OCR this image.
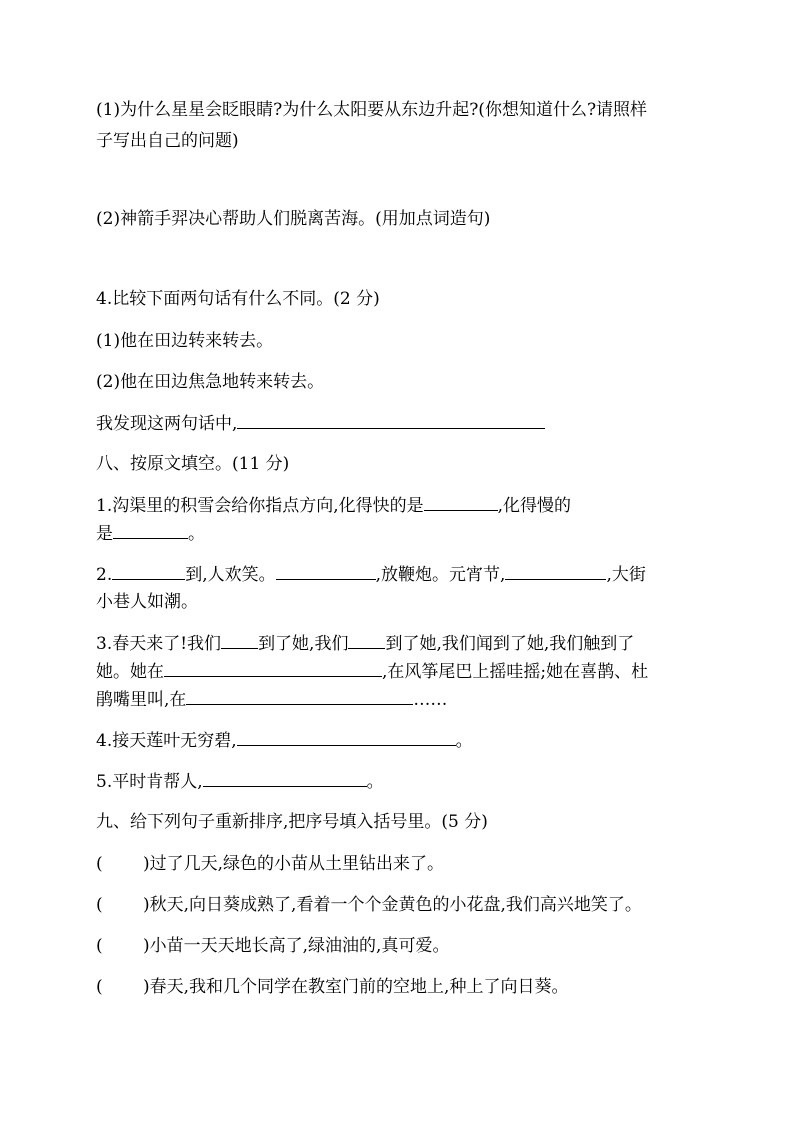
(1)为什么星星会眨眼睛?为什么太阳要从东边升起?(你想知道什么?请照样
子写出自己的问题)
(2)神箭手羿决心帮助人们脱离苦海。(用加点词造句)
4.比较下面两句话有什么不同。(2 分)
(1)他在田边转来转去。
(2)他在田边焦急地转来转去。
我发现这两句话中,
八、按原文填空。(11 分)
1.沟渠里的积雪会给你指点方向,化得快的是	,化得慢的
是	。
2.	到,人欢笑。	,放鞭炮。元宵节,	,大街
小巷人如潮。
3.春天来了!我们 到了她,我们 到了她,我们闻到了她,我们触到了
她。她在	,在风筝尾巴上摇哇摇;她在喜鹊、杜
鹃嘴里叫,在	……
4.接天莲叶无穷碧,	。
5.平时肯帮人,	。
九、给下列句子重新排序,把序号填入括号里。(5 分)
( )过了几天,绿色的小苗从土里钻出来了。
( )秋天,向日葵成熟了,看着一个个金黄色的小花盘,我们高兴地笑了。
( )小苗一天天地长高了,绿油油的,真可爱。
( )春天,我和几个同学在教室门前的空地上,种上了向日葵。
